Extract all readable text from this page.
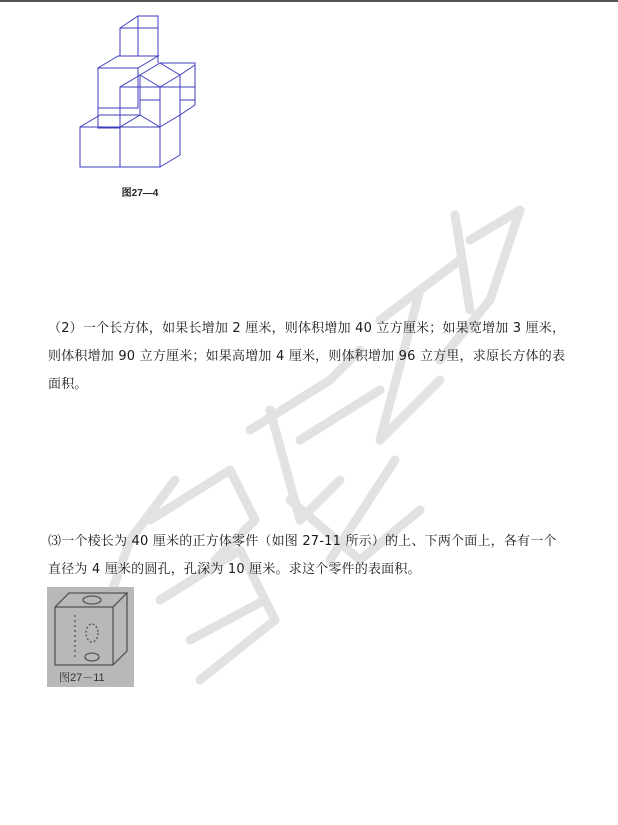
图27—4
（2）一个长方体，如果长增加 2 厘米，则体积增加 40 立方厘米；如果宽增加 3 厘米，
则体积增加 90 立方厘米；如果高增加 4 厘米，则体积增加 96 立方里，求原长方体的表
面积。
⑶一个棱长为 40 厘米的正方体零件（如图 27-11 所示）的上、下两个面上，各有一个
直径为 4 厘米的圆孔，孔深为 10 厘米。求这个零件的表面积。
图27－11
